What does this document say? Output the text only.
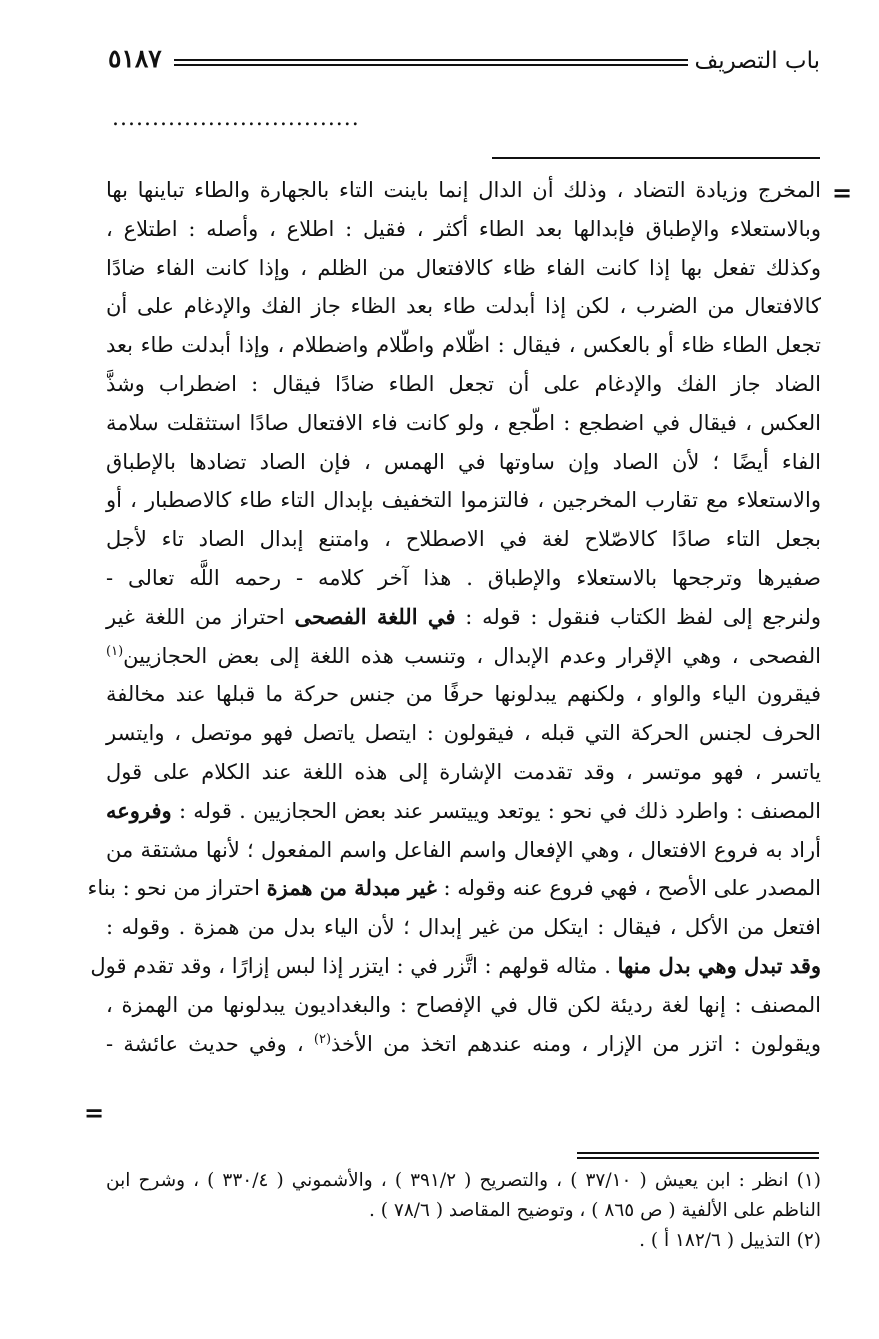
باب التصريف
٥١٨٧
...............................
=
المخرج وزيادة التضاد ، وذلك أن الدال إنما باينت التاء بالجهارة والطاء تباينها بها
وبالاستعلاء والإطباق فإبدالها بعد الطاء أكثر ، فقيل : اطلاع ، وأصله : اطتلاع ،
وكذلك تفعل بها إذا كانت الفاء ظاء كالافتعال من الظلم ، وإذا كانت الفاء ضادًا
كالافتعال من الضرب ، لكن إذا أبدلت طاء بعد الظاء جاز الفك والإدغام على أن
تجعل الطاء ظاء أو بالعكس ، فيقال : اظّلام واطّلام واضطلام ، وإذا أبدلت طاء بعد
الضاد جاز الفك والإدغام على أن تجعل الطاء ضادًا فيقال : اضطراب وشذَّ
العكس ، فيقال في اضطجع : اطّجع ، ولو كانت فاء الافتعال صادًا استثقلت سلامة
الفاء أيضًا ؛ لأن الصاد وإن ساوتها في الهمس ، فإن الصاد تضادها بالإطباق
والاستعلاء مع تقارب المخرجين ، فالتزموا التخفيف بإبدال التاء طاء كالاصطبار ، أو
بجعل التاء صادًا كالاصّلاح لغة في الاصطلاح ، وامتنع إبدال الصاد تاء لأجل
صفيرها وترجحها بالاستعلاء والإطباق . هذا آخر كلامه - رحمه اللَّه تعالى -
ولنرجع إلى لفظ الكتاب فنقول : قوله : في اللغة الفصحى احتراز من اللغة غير
الفصحى ، وهي الإقرار وعدم الإبدال ، وتنسب هذه اللغة إلى بعض الحجازيين$^{(١)}$
فيقرون الياء والواو ، ولكنهم يبدلونها حرفًا من جنس حركة ما قبلها عند مخالفة
الحرف لجنس الحركة التي قبله ، فيقولون : ايتصل ياتصل فهو موتصل ، وايتسر
ياتسر ، فهو موتسر ، وقد تقدمت الإشارة إلى هذه اللغة عند الكلام على قول
المصنف : واطرد ذلك في نحو : يوتعد وييتسر عند بعض الحجازيين . قوله : وفروعه
أراد به فروع الافتعال ، وهي الإفعال واسم الفاعل واسم المفعول ؛ لأنها مشتقة من
المصدر على الأصح ، فهي فروع عنه وقوله : غير مبدلة من همزة احتراز من نحو : بناء
افتعل من الأكل ، فيقال : ايتكل من غير إبدال ؛ لأن الياء بدل من همزة . وقوله :
وقد تبدل وهي بدل منها . مثاله قولهم : اتَّزر في : ايتزر إذا لبس إزارًا ، وقد تقدم قول
المصنف : إنها لغة رديئة لكن قال في الإفصاح : والبغداديون يبدلونها من الهمزة ،
ويقولون : اتزر من الإزار ، ومنه عندهم اتخذ من الأخذ$^{(٢)}$ ، وفي حديث عائشة -
=
(١) انظر : ابن يعيش ( ٣٧/١٠ ) ، والتصريح ( ٣٩١/٢ ) ، والأشموني ( ٣٣٠/٤ ) ، وشرح ابن
الناظم على الألفية ( ص ٨٦٥ ) ، وتوضيح المقاصد ( ٧٨/٦ ) .
(٢) التذييل ( ١٨٢/٦ أ ) .
